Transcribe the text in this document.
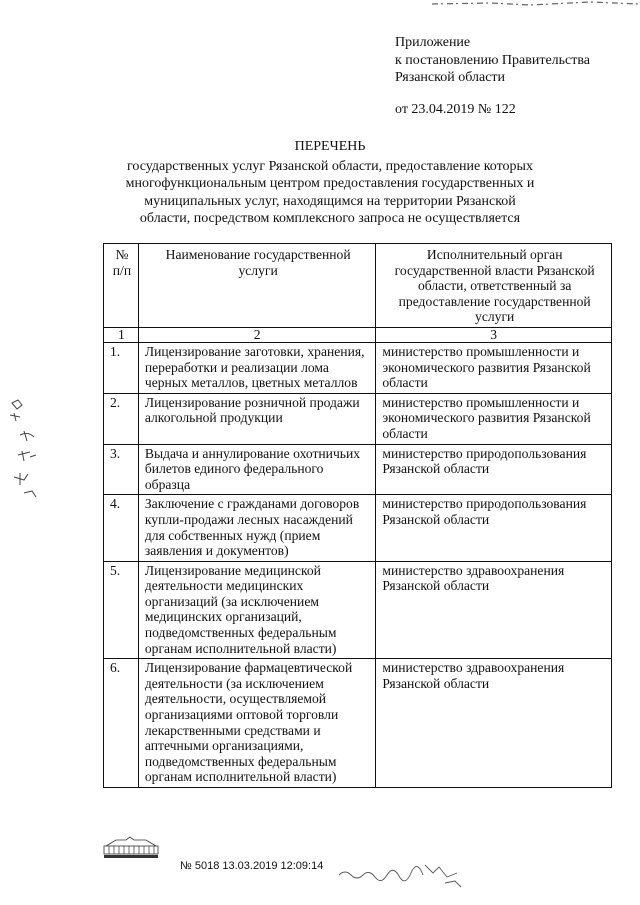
Приложение
к постановлению Правительства
Рязанской области
от 23.04.2019 № 122
ПЕРЕЧЕНЬ
государственных услуг Рязанской области, предоставление которых
многофункциональным центром предоставления государственных и
муниципальных услуг, находящимся на территории Рязанской
области, посредством комплексного запроса не осуществляется
№ п/п	Наименование государственной услуги	Исполнительный орган государственной власти Рязанской области, ответственный за предоставление государственной услуги
1	2	3
1.	Лицензирование заготовки, хранения, переработки и реализации лома черных металлов, цветных металлов	министерство промышленности и экономического развития Рязанской области
2.	Лицензирование розничной продажи алкогольной продукции	министерство промышленности и экономического развития Рязанской области
3.	Выдача и аннулирование охотничьих билетов единого федерального образца	министерство природопользования Рязанской области
4.	Заключение с гражданами договоров купли-продажи лесных насаждений для собственных нужд (прием заявления и документов)	министерство природопользования Рязанской области
5.	Лицензирование медицинской деятельности медицинских организаций (за исключением медицинских организаций, подведомственных федеральным органам исполнительной власти)	министерство здравоохранения Рязанской области
6.	Лицензирование фармацевтической деятельности (за исключением деятельности, осуществляемой организациями оптовой торговли лекарственными средствами и аптечными организациями, подведомственных федеральным органам исполнительной власти)	министерство здравоохранения Рязанской области
№ 5018 13.03.2019 12:09:14
